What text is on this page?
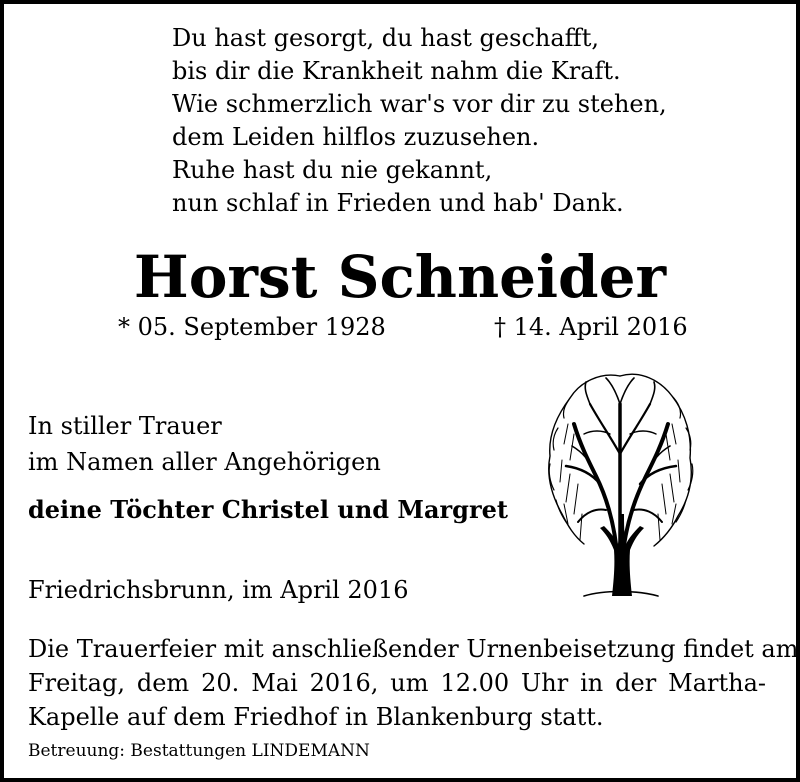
Du hast gesorgt, du hast geschafft,
bis dir die Krankheit nahm die Kraft.
Wie schmerzlich war's vor dir zu stehen,
dem Leiden hilflos zuzusehen.
Ruhe hast du nie gekannt,
nun schlaf in Frieden und hab' Dank.
Horst Schneider
* 05. September 1928	† 14. April 2016
In stiller Trauer
im Namen aller Angehörigen
deine Töchter Christel und Margret
Friedrichsbrunn, im April 2016
Die Trauerfeier mit anschließender Urnenbeisetzung findet am
Freitag, dem 20. Mai 2016, um 12.00 Uhr in der Martha-
Kapelle auf dem Friedhof in Blankenburg statt.
Betreuung: Bestattungen LINDEMANN
